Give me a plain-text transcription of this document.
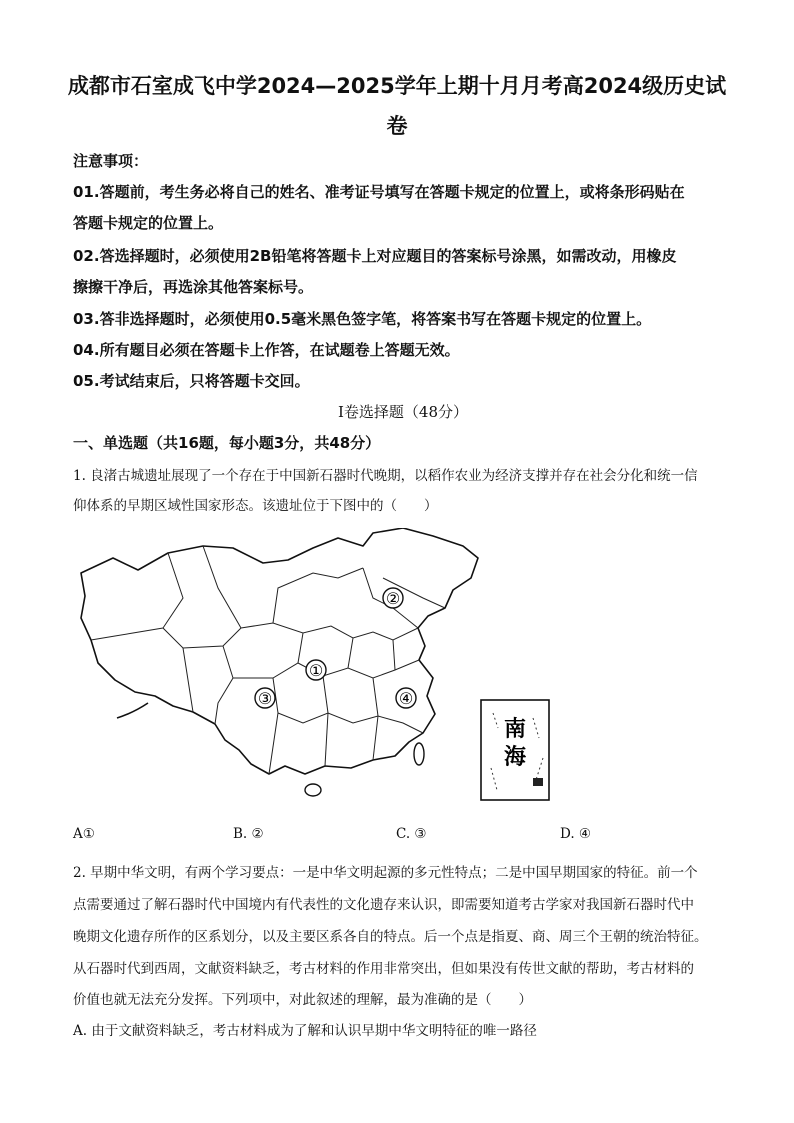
成都市石室成飞中学2024—2025学年上期十月月考高2024级历史试
卷
注意事项：
01.答题前，考生务必将自己的姓名、准考证号填写在答题卡规定的位置上，或将条形码贴在
答题卡规定的位置上。
02.答选择题时，必须使用2B铅笔将答题卡上对应题目的答案标号涂黑，如需改动，用橡皮
擦擦干净后，再选涂其他答案标号。
03.答非选择题时，必须使用0.5毫米黑色签字笔，将答案书写在答题卡规定的位置上。
04.所有题目必须在答题卡上作答，在试题卷上答题无效。
05.考试结束后，只将答题卡交回。
I卷选择题（48分）
一、单选题（共16题，每小题3分，共48分）
1. 良渚古城遗址展现了一个存在于中国新石器时代晚期，以稻作农业为经济支撑并存在社会分化和统一信
仰体系的早期区域性国家形态。该遗址位于下图中的（　　）
①
②
③	④
南
海
A①	B. ②	C. ③	D. ④
2. 早期中华文明，有两个学习要点：一是中华文明起源的多元性特点；二是中国早期国家的特征。前一个
点需要通过了解石器时代中国境内有代表性的文化遗存来认识，即需要知道考古学家对我国新石器时代中
晚期文化遗存所作的区系划分，以及主要区系各自的特点。后一个点是指夏、商、周三个王朝的统治特征。
从石器时代到西周，文献资料缺乏，考古材料的作用非常突出，但如果没有传世文献的帮助，考古材料的
价值也就无法充分发挥。下列项中，对此叙述的理解，最为准确的是（　　）
A. 由于文献资料缺乏，考古材料成为了解和认识早期中华文明特征的唯一路径
